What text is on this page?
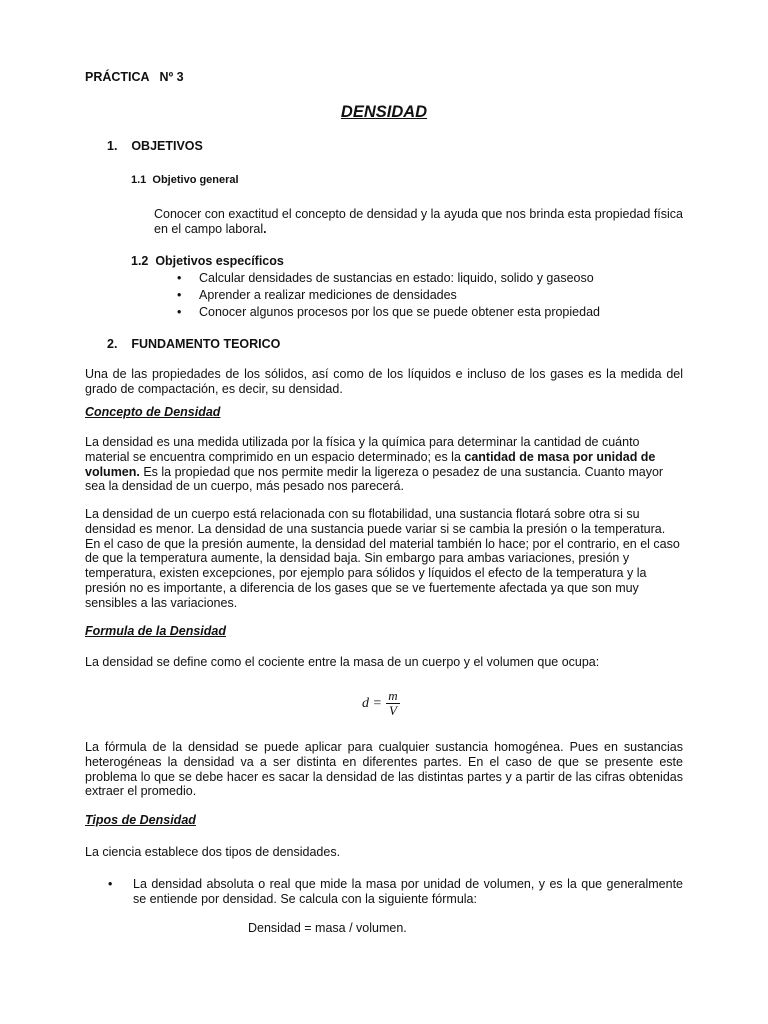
PRÁCTICA   Nº 3
DENSIDAD
1.    OBJETIVOS
1.1  Objetivo general
Conocer con exactitud el concepto de densidad y la ayuda que nos brinda esta propiedad física en el campo laboral.
1.2  Objetivos específicos
•	Calcular densidades de sustancias en estado: liquido, solido y gaseoso
•	Aprender a realizar mediciones de densidades
•	Conocer algunos procesos por los que se puede obtener esta propiedad
2.    FUNDAMENTO TEORICO
Una de las propiedades de los sólidos, así como de los líquidos e incluso de los gases es la medida del grado de compactación, es decir, su densidad.
Concepto de Densidad
La densidad es una medida utilizada por la física y la química para determinar la cantidad de cuánto material se encuentra comprimido en un espacio determinado; es la cantidad de masa por unidad de volumen. Es la propiedad que nos permite medir la ligereza o pesadez de una sustancia. Cuanto mayor sea la densidad de un cuerpo, más pesado nos parecerá.
La densidad de un cuerpo está relacionada con su flotabilidad, una sustancia flotará sobre otra si su densidad es menor. La densidad de una sustancia puede variar si se cambia la presión o la temperatura. En el caso de que la presión aumente, la densidad del material también lo hace; por el contrario, en el caso de que la temperatura aumente, la densidad baja. Sin embargo para ambas variaciones, presión y temperatura, existen excepciones, por ejemplo para sólidos y líquidos el efecto de la temperatura y la presión no es importante, a diferencia de los gases que se ve fuertemente afectada ya que son muy sensibles a las variaciones.
Formula de la Densidad
La densidad se define como el cociente entre la masa de un cuerpo y el volumen que ocupa:
$d = \frac{m}{V}$
La fórmula de la densidad se puede aplicar para cualquier sustancia homogénea. Pues en sustancias heterogéneas la densidad va a ser distinta en diferentes partes. En el caso de que se presente este problema lo que se debe hacer es sacar la densidad de las distintas partes y a partir de las cifras obtenidas extraer el promedio.
Tipos de Densidad
La ciencia establece dos tipos de densidades.
•	La densidad absoluta o real que mide la masa por unidad de volumen, y es la que generalmente se entiende por densidad. Se calcula con la siguiente fórmula:
Densidad = masa / volumen.
